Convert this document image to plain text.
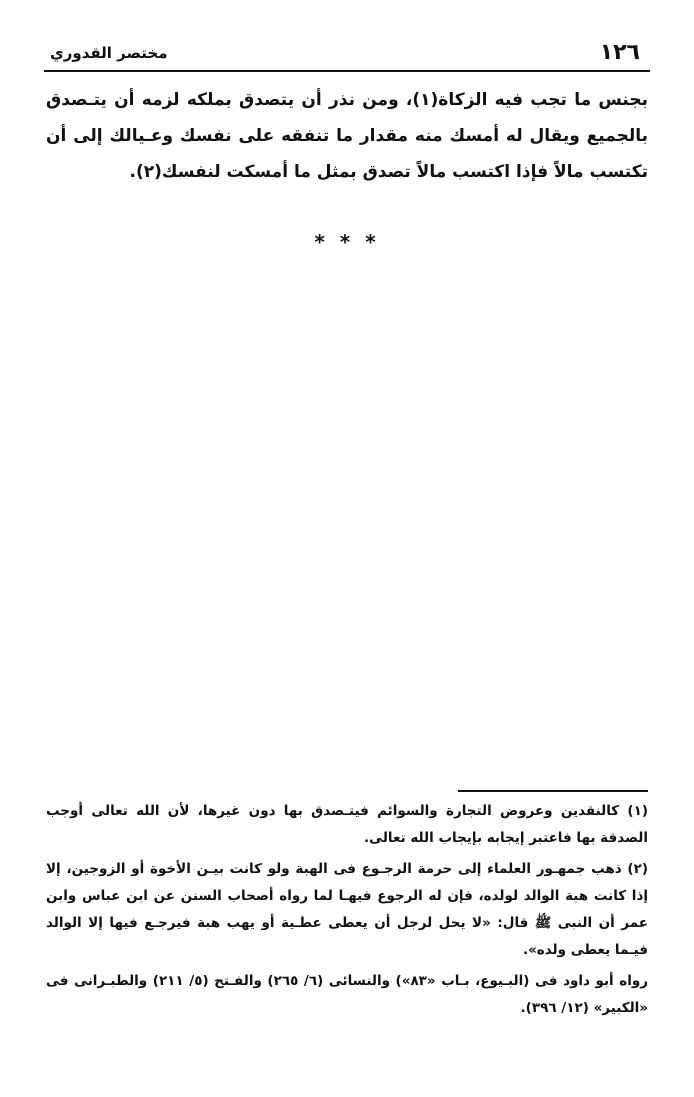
١٢٦
مختصر القدوري
بجنس ما تجب فيه الزكاة(١)، ومن نذر أن يتصدق بملكه لزمه أن يتـصدق بالجميع ويقال له أمسك منه مقدار ما تنفقه على نفسك وعـيالك إلى أن تكتسب مالاً فإذا اكتسب مالاً تصدق بمثل ما أمسكت لنفسك(٢).
* * *

(١) كالنقدين وعروض التجارة والسوائم فيتـصدق بها دون غيرها، لأن الله تعالى أوجب الصدقة بها فاعتبر إيجابه بإيجاب الله تعالى.

(٢) ذهب جمهـور العلماء إلى حرمة الرجـوع فى الهبة ولو كانت بيـن الأخوة أو الزوجين، إلا إذا كانت هبة الوالد لولده، فإن له الرجوع فيهـا لما رواه أصحاب السنن عن ابن عباس وابن عمر أن النبى ﷺ قال: «لا يحل لرجل أن يعطى عطـية أو يهب هبة فيرجـع فيها إلا الوالد فيـما يعطى ولده».

رواه أبو داود فى (البـيوع، بـاب «٨٣») والنسائى (٦/ ٢٦٥) والفـتح (٥/ ٢١١) والطبـرانى فى «الكبير» (١٢/ ٣٩٦).
